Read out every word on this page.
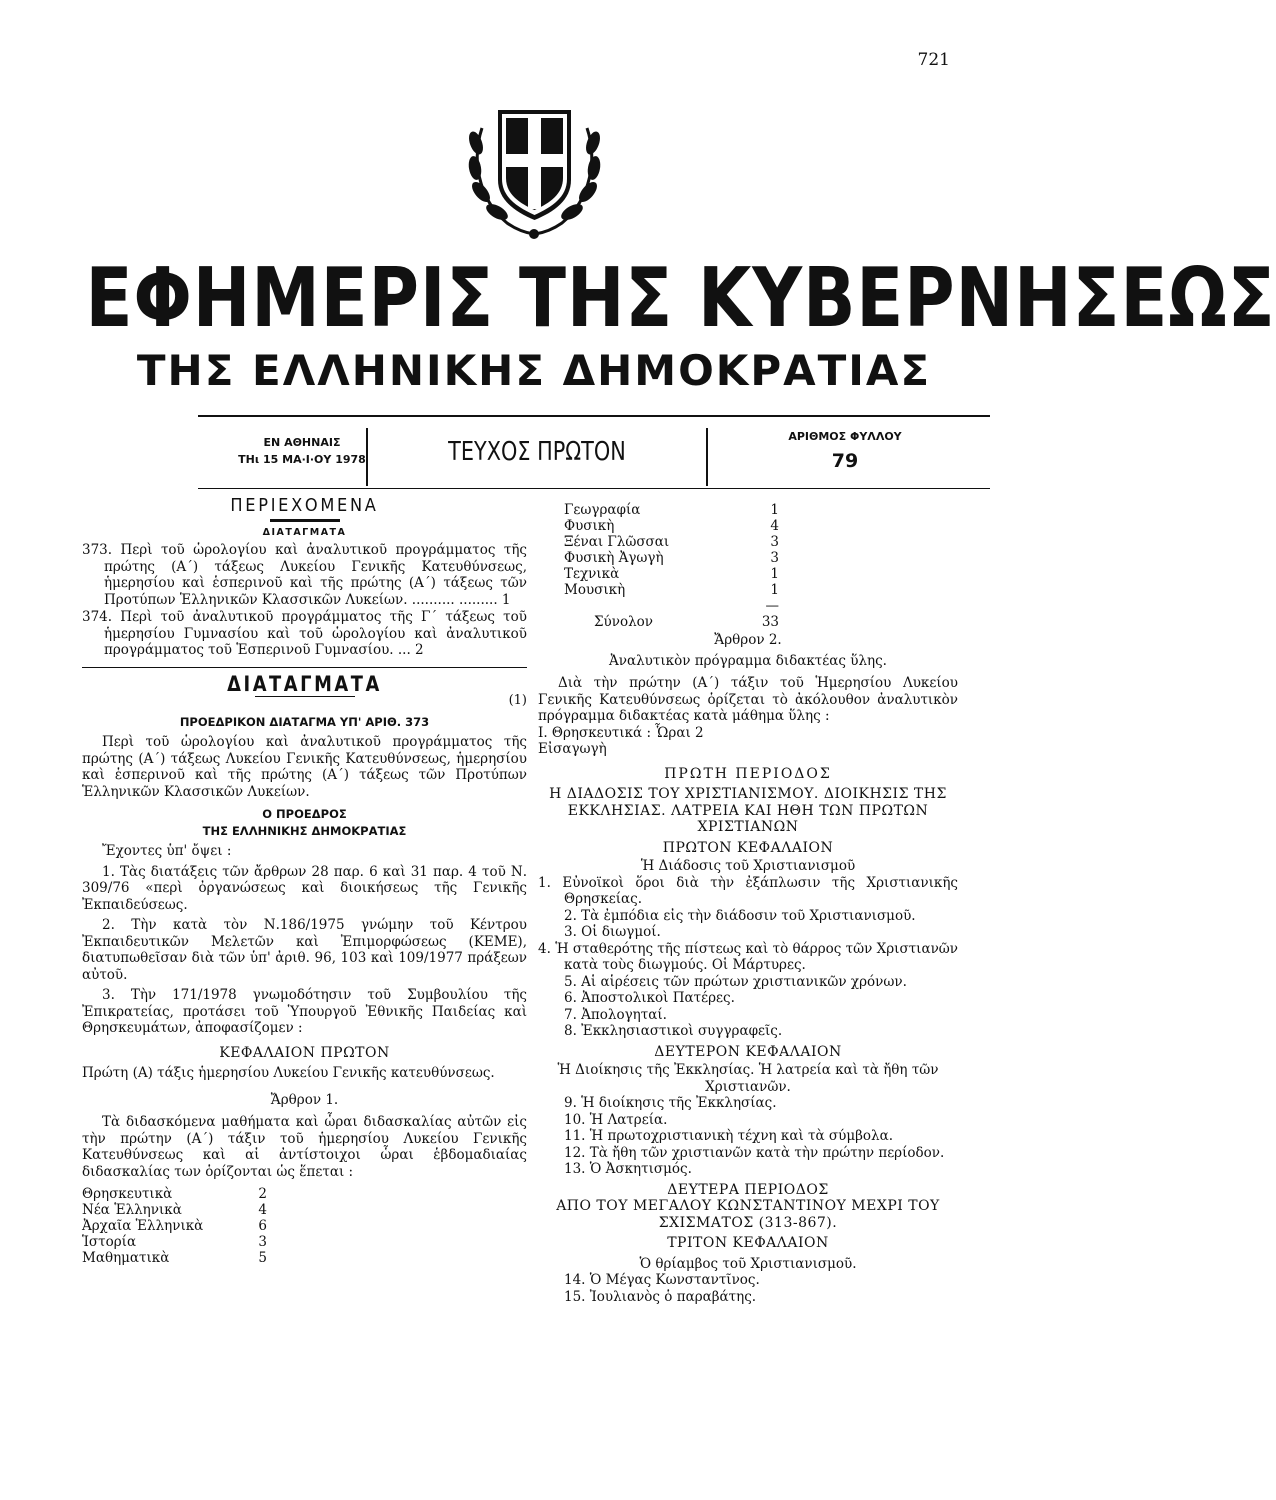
721
ΕΦΗΜΕΡΙΣ ΤΗΣ ΚΥΒΕΡΝΗΣΕΩΣ
ΤΗΣ ΕΛΛΗΝΙΚΗΣ ΔΗΜΟΚΡΑΤΙΑΣ
ΕΝ ΑΘΗΝΑΙΣ
ΤΗι 15 ΜΑ·Ι·ΟΥ 1978	ΤΕΥΧΟΣ ΠΡΩΤΟΝ
ΑΡΙΘΜΟΣ ΦΥΛΛΟΥ
79
ΠΕΡΙΕΧΟΜΕΝΑ
ΔΙΑΤΑΓΜΑΤΑ
373. Περὶ τοῦ ὡρολογίου καὶ ἀναλυτικοῦ προγράμματος τῆς πρώτης (Α΄) τάξεως Λυκείου Γενικῆς Κατευθύνσεως, ἡμερησίου καὶ ἑσπερινοῦ καὶ τῆς πρώτης (Α΄) τάξεως τῶν Προτύπων Ἑλληνικῶν Κλασσικῶν Λυκείων. .......... ......... 1
374. Περὶ τοῦ ἀναλυτικοῦ προγράμματος τῆς Γ΄ τάξεως τοῦ ἡμερησίου Γυμνασίου καὶ τοῦ ὡρολογίου καὶ ἀναλυτικοῦ προγράμματος τοῦ Ἑσπερινοῦ Γυμνασίου. ... 2
ΔΙΑΤΑΓΜΑΤΑ
(1)
ΠΡΟΕΔΡΙΚΟΝ ΔΙΑΤΑΓΜΑ ΥΠ' ΑΡΙΘ. 373
Περὶ τοῦ ὡρολογίου καὶ ἀναλυτικοῦ προγράμματος τῆς πρώτης (Α΄) τάξεως Λυκείου Γενικῆς Κατευθύνσεως, ἡμερησίου καὶ ἑσπερινοῦ καὶ τῆς πρώτης (Α΄) τάξεως τῶν Προτύπων Ἑλληνικῶν Κλασσικῶν Λυκείων.
Ο ΠΡΟΕΔΡΟΣ
ΤΗΣ ΕΛΛΗΝΙΚΗΣ ΔΗΜΟΚΡΑΤΙΑΣ
Ἔχοντες ὑπ' ὄψει :
1. Τὰς διατάξεις τῶν ἄρθρων 28 παρ. 6 καὶ 31 παρ. 4 τοῦ Ν. 309/76 «περὶ ὀργανώσεως καὶ διοικήσεως τῆς Γενικῆς Ἐκπαιδεύσεως.
2. Τὴν κατὰ τὸν Ν.186/1975 γνώμην τοῦ Κέντρου Ἐκπαιδευτικῶν Μελετῶν καὶ Ἐπιμορφώσεως (ΚΕΜΕ), διατυπωθεῖσαν διὰ τῶν ὑπ' ἀριθ. 96, 103 καὶ 109/1977 πράξεων αὐτοῦ.
3. Τὴν 171/1978 γνωμοδότησιν τοῦ Συμβουλίου τῆς Ἐπικρατείας, προτάσει τοῦ Ὑπουργοῦ Ἐθνικῆς Παιδείας καὶ Θρησκευμάτων, ἀποφασίζομεν :
ΚΕΦΑΛΑΙΟΝ ΠΡΩΤΟΝ
Πρώτη (Α) τάξις ἡμερησίου Λυκείου Γενικῆς κατευθύνσεως.
Ἄρθρον 1.
Τὰ διδασκόμενα μαθήματα καὶ ὧραι διδασκαλίας αὐτῶν εἰς τὴν πρώτην (Α΄) τάξιν τοῦ ἡμερησίου Λυκείου Γενικῆς Κατευθύνσεως καὶ αἱ ἀντίστοιχοι ὧραι ἑβδομαδιαίας διδασκαλίας των ὁρίζονται ὡς ἕπεται :
Θρησκευτικὰ	2
Νέα Ἑλληνικὰ	4
Ἀρχαῖα Ἑλληνικὰ	6
Ἱστορία	3
Μαθηματικὰ	5
Γεωγραφία	1
Φυσικὴ	4
Ξέναι Γλῶσσαι	3
Φυσικὴ Ἀγωγὴ	3
Τεχνικὰ	1
Μουσικὴ	1
	—
Σύνολον	33
Ἄρθρον 2.
Ἀναλυτικὸν πρόγραμμα διδακτέας ὕλης.
Διὰ τὴν πρώτην (Α΄) τάξιν τοῦ Ἡμερησίου Λυκείου Γενικῆς Κατευθύνσεως ὁρίζεται τὸ ἀκόλουθον ἀναλυτικὸν πρόγραμμα διδακτέας κατὰ μάθημα ὕλης :
Ι. Θρησκευτικά : Ὧραι 2
Εἰσαγωγὴ
ΠΡΩΤΗ ΠΕΡΙΟΔΟΣ
Η ΔΙΑΔΟΣΙΣ ΤΟΥ ΧΡΙΣΤΙΑΝΙΣΜΟΥ. ΔΙΟΙΚΗΣΙΣ ΤΗΣ ΕΚΚΛΗΣΙΑΣ. ΛΑΤΡΕΙΑ ΚΑΙ ΗΘΗ ΤΩΝ ΠΡΩΤΩΝ ΧΡΙΣΤΙΑΝΩΝ
ΠΡΩΤΟΝ ΚΕΦΑΛΑΙΟΝ
Ἡ Διάδοσις τοῦ Χριστιανισμοῦ
1. Εὐνοϊκοὶ ὅροι διὰ τὴν ἐξάπλωσιν τῆς Χριστιανικῆς Θρησκείας.
2. Τὰ ἐμπόδια εἰς τὴν διάδοσιν τοῦ Χριστιανισμοῦ.
3. Οἱ διωγμοί.
4. Ἡ σταθερότης τῆς πίστεως καὶ τὸ θάρρος τῶν Χριστιανῶν κατὰ τοὺς διωγμούς. Οἱ Μάρτυρες.
5. Αἱ αἱρέσεις τῶν πρώτων χριστιανικῶν χρόνων.
6. Ἀποστολικοὶ Πατέρες.
7. Ἀπολογηταί.
8. Ἐκκλησιαστικοὶ συγγραφεῖς.
ΔΕΥΤΕΡΟΝ ΚΕΦΑΛΑΙΟΝ
Ἡ Διοίκησις τῆς Ἐκκλησίας. Ἡ λατρεία καὶ τὰ ἤθη τῶν Χριστιανῶν.
9. Ἡ διοίκησις τῆς Ἐκκλησίας.
10. Ἡ Λατρεία.
11. Ἡ πρωτοχριστιανικὴ τέχνη καὶ τὰ σύμβολα.
12. Τὰ ἤθη τῶν χριστιανῶν κατὰ τὴν πρώτην περίοδον.
13. Ὁ Ἀσκητισμός.
ΔΕΥΤΕΡΑ ΠΕΡΙΟΔΟΣ
ΑΠΟ ΤΟΥ ΜΕΓΑΛΟΥ ΚΩΝΣΤΑΝΤΙΝΟΥ ΜΕΧΡΙ ΤΟΥ ΣΧΙΣΜΑΤΟΣ (313-867).
ΤΡΙΤΟΝ ΚΕΦΑΛΑΙΟΝ
Ὁ θρίαμβος τοῦ Χριστιανισμοῦ.
14. Ὁ Μέγας Κωνσταντῖνος.
15. Ἰουλιανὸς ὁ παραβάτης.
